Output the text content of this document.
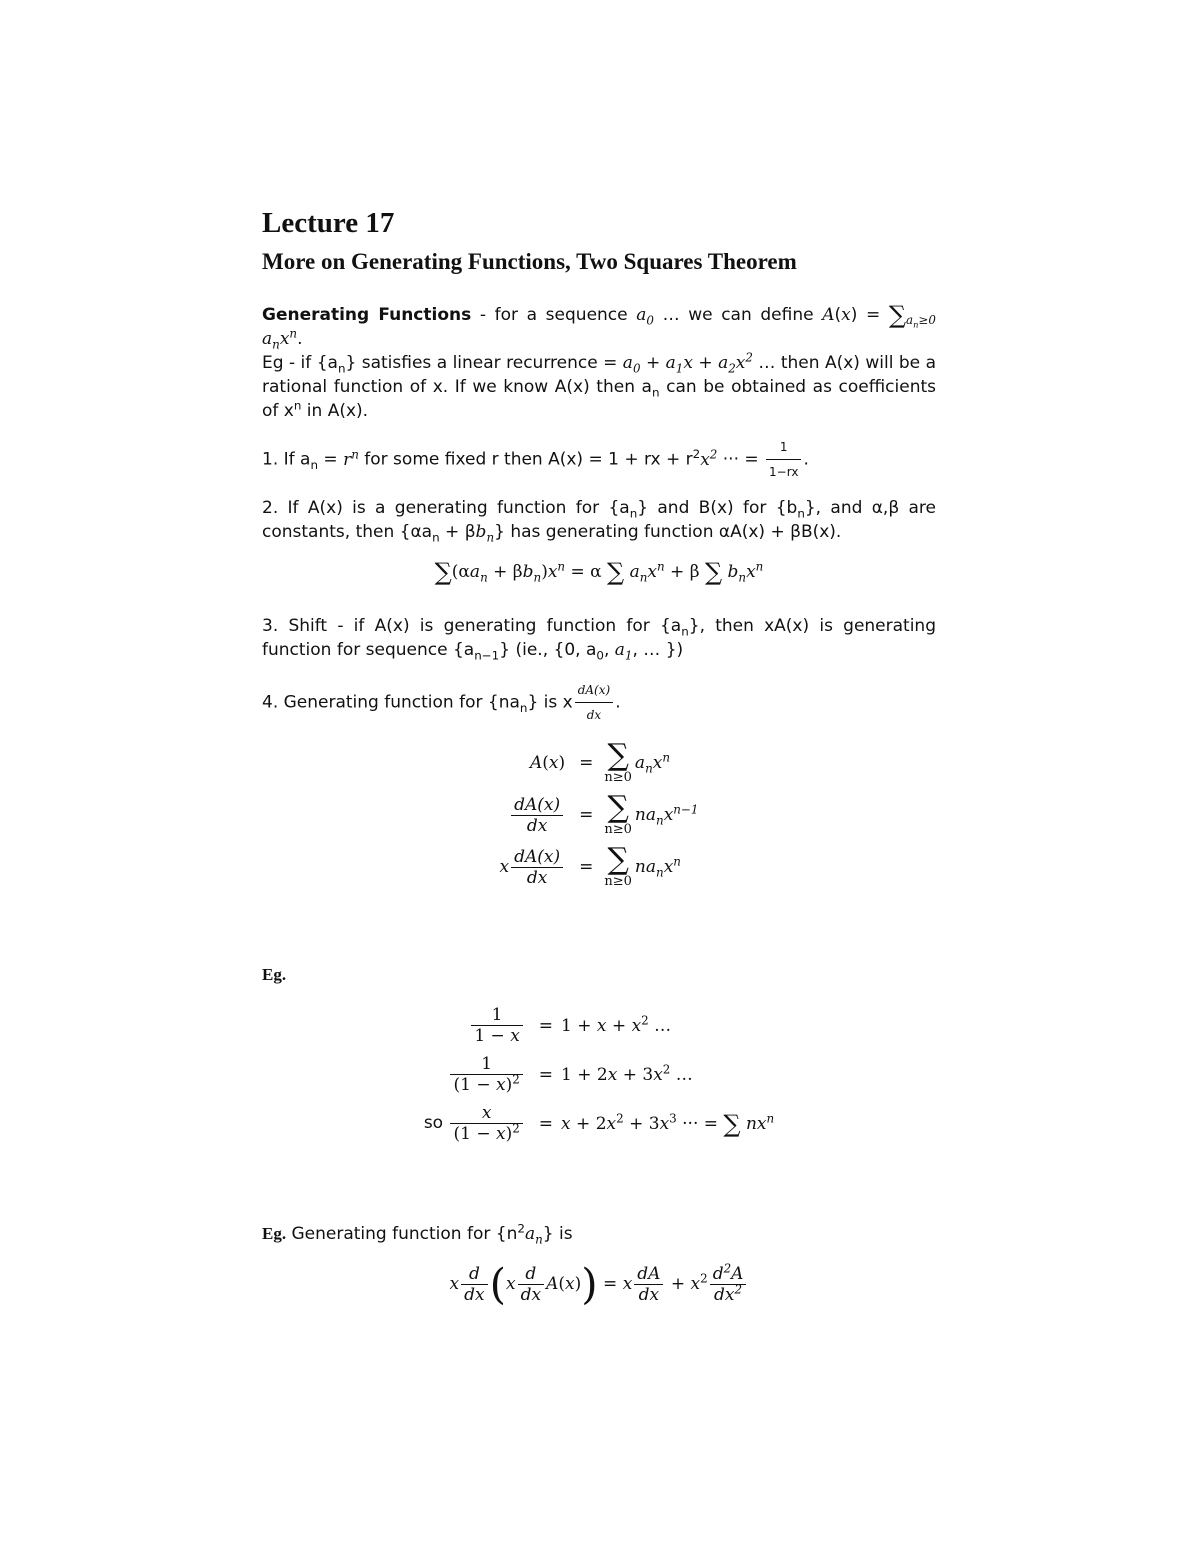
Lecture 17
More on Generating Functions, Two Squares Theorem

Generating Functions - for a sequence $a_0$ … we can define $A(x) = \sum_{a_n\ge 0}$ $a_nx^n$.
Eg - if $\{a_n\}$ satisfies a linear recurrence = $a_0 + a_1x + a_2x^2$ … then A(x) will be a rational function of x. If we know A(x) then $a_n$ can be obtained as coefficients of $x^n$ in A(x).

1. If $a_n = r^n$ for some fixed r then A(x) = 1 + rx + $r^2x^2$ ··· = $\frac{1}{1-rx}$ .

2. If A(x) is a generating function for $\{a_n\}$ and B(x) for $\{b_n\}$, and α,β are constants, then $\{\alpha a_n + \beta b_n\}$ has generating function αA(x) + βB(x).

$\sum(\alpha a_n + \beta b_n)x^n = \alpha$ ∑ $a_nx^n + \beta$ ∑ $b_nx^n$

3. Shift - if A(x) is generating function for $\{a_n\}$, then xA(x) is generating function for sequence $\{a_{n-1}\}$ (ie., {0, $a_0$, $a_1$, … })

4. Generating function for $\{na_n\}$ is x $\frac{dA(x)}{dx}$ .

A(x)	=	∑
n≥0
$a_nx^n$

$\frac{dA(x)}{dx}$	=	∑
n≥0
$na_nx^{n-1}$
x $\frac{dA(x)}{dx}$	=	∑
n≥0
$na_nx^n$

Eg.

$\frac{1}{1 - x}$	=	$1 + x + x^2$ …

$\frac{1}{(1 - x)^2}$	=	$1 + 2x + 3x^2$ …
so $\frac{x}{(1 - x)^2}$	=	$x + 2x^2 + 3x^3$ ··· = ∑ $nx^n$

Eg. Generating function for $\{n^2a_n\}$ is

x $\frac{d}{dx} (x \frac{d}{dx} A(x)) = x \frac{dA}{dx} + x^2 \frac{d^2A}{dx^2}$
